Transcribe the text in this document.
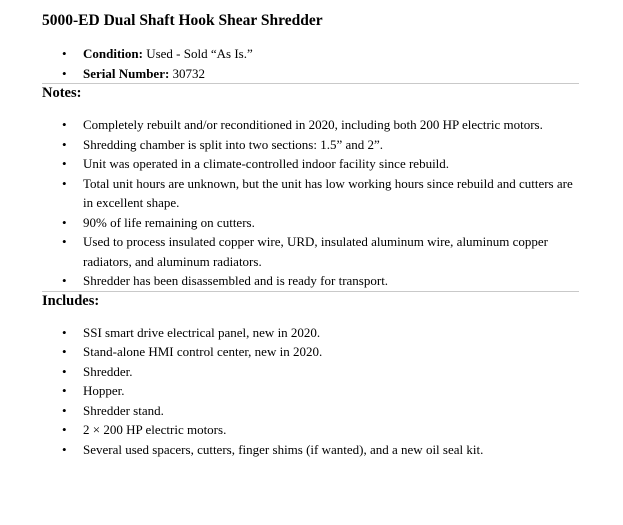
5000-ED Dual Shaft Hook Shear Shredder
• Condition: Used - Sold “As Is.”
• Serial Number: 30732
Notes:
• Completely rebuilt and/or reconditioned in 2020, including both 200 HP electric motors.
• Shredding chamber is split into two sections: 1.5” and 2”.
• Unit was operated in a climate-controlled indoor facility since rebuild.
• Total unit hours are unknown, but the unit has low working hours since rebuild and cutters are in excellent shape.
• 90% of life remaining on cutters.
• Used to process insulated copper wire, URD, insulated aluminum wire, aluminum copper radiators, and aluminum radiators.
• Shredder has been disassembled and is ready for transport.
Includes:
• SSI smart drive electrical panel, new in 2020.
• Stand-alone HMI control center, new in 2020.
• Shredder.
• Hopper.
• Shredder stand.
• 2 × 200 HP electric motors.
• Several used spacers, cutters, finger shims (if wanted), and a new oil seal kit.
